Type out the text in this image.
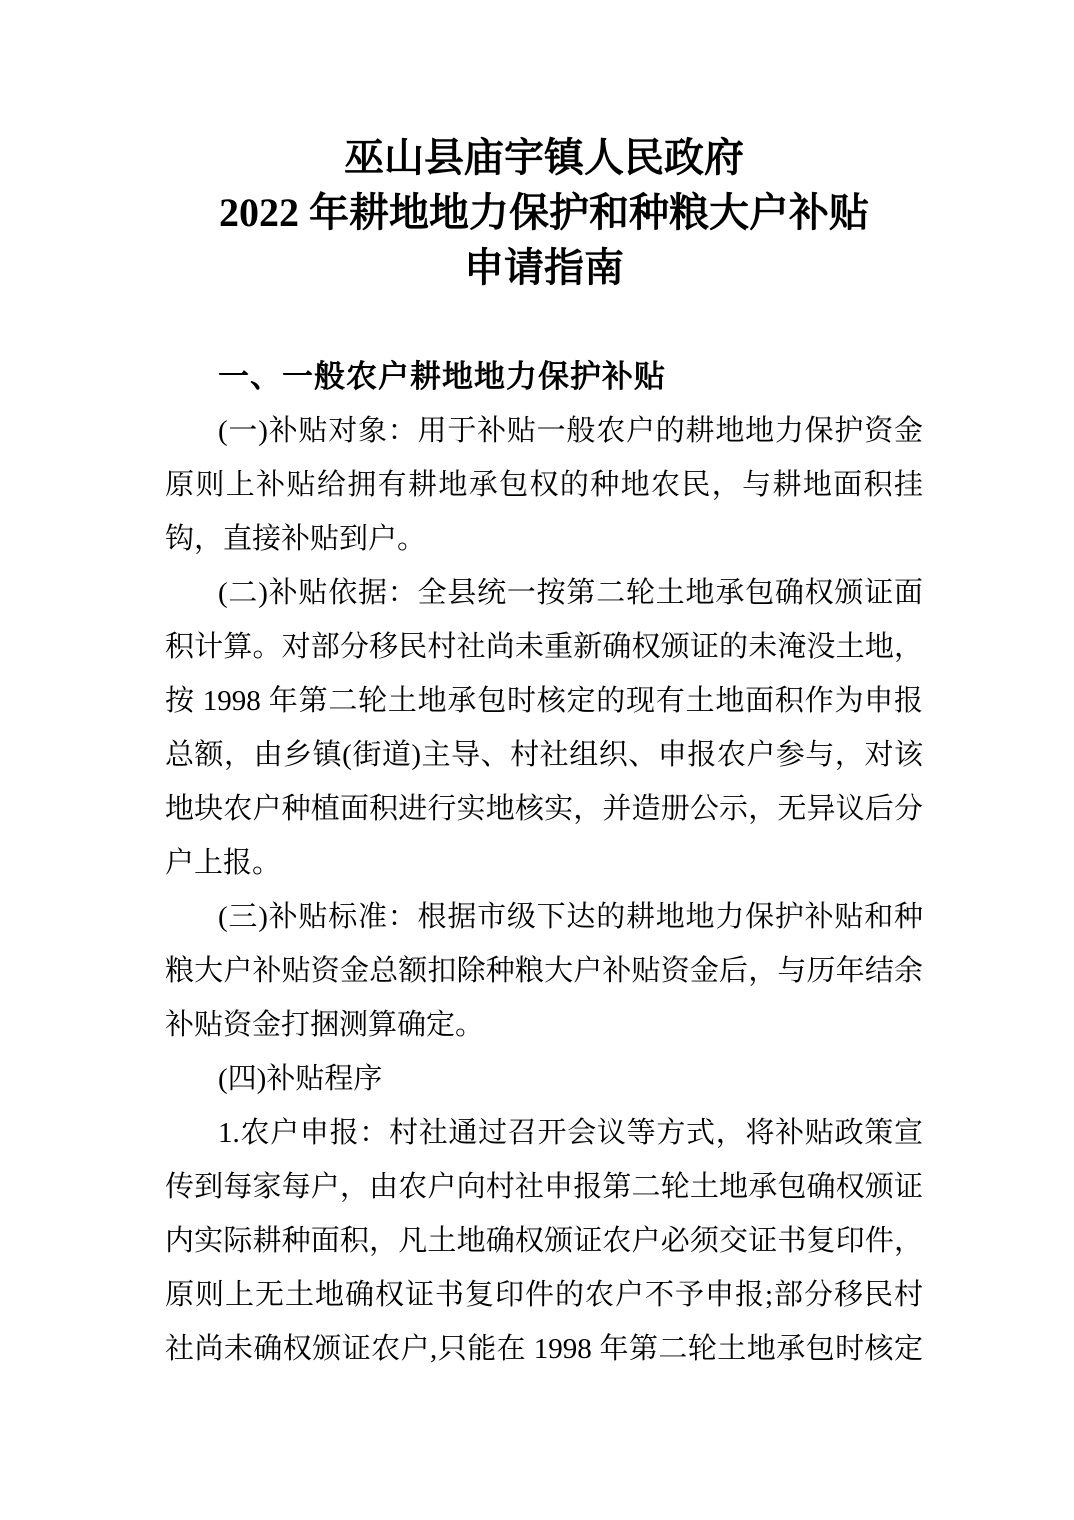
巫山县庙宇镇人民政府
2022 年耕地地力保护和种粮大户补贴
申请指南
一、一般农户耕地地力保护补贴
(一)补贴对象：用于补贴一般农户的耕地地力保护资金
原则上补贴给拥有耕地承包权的种地农民，与耕地面积挂
钩，直接补贴到户。
(二)补贴依据：全县统一按第二轮土地承包确权颁证面
积计算。对部分移民村社尚未重新确权颁证的未淹没土地，
按 1998 年第二轮土地承包时核定的现有土地面积作为申报
总额，由乡镇(街道)主导、村社组织、申报农户参与，对该
地块农户种植面积进行实地核实，并造册公示，无异议后分
户上报。
(三)补贴标准：根据市级下达的耕地地力保护补贴和种
粮大户补贴资金总额扣除种粮大户补贴资金后，与历年结余
补贴资金打捆测算确定。
(四)补贴程序
1.农户申报：村社通过召开会议等方式，将补贴政策宣
传到每家每户，由农户向村社申报第二轮土地承包确权颁证
内实际耕种面积，凡土地确权颁证农户必须交证书复印件，
原则上无土地确权证书复印件的农户不予申报;部分移民村
社尚未确权颁证农户,只能在 1998 年第二轮土地承包时核定
